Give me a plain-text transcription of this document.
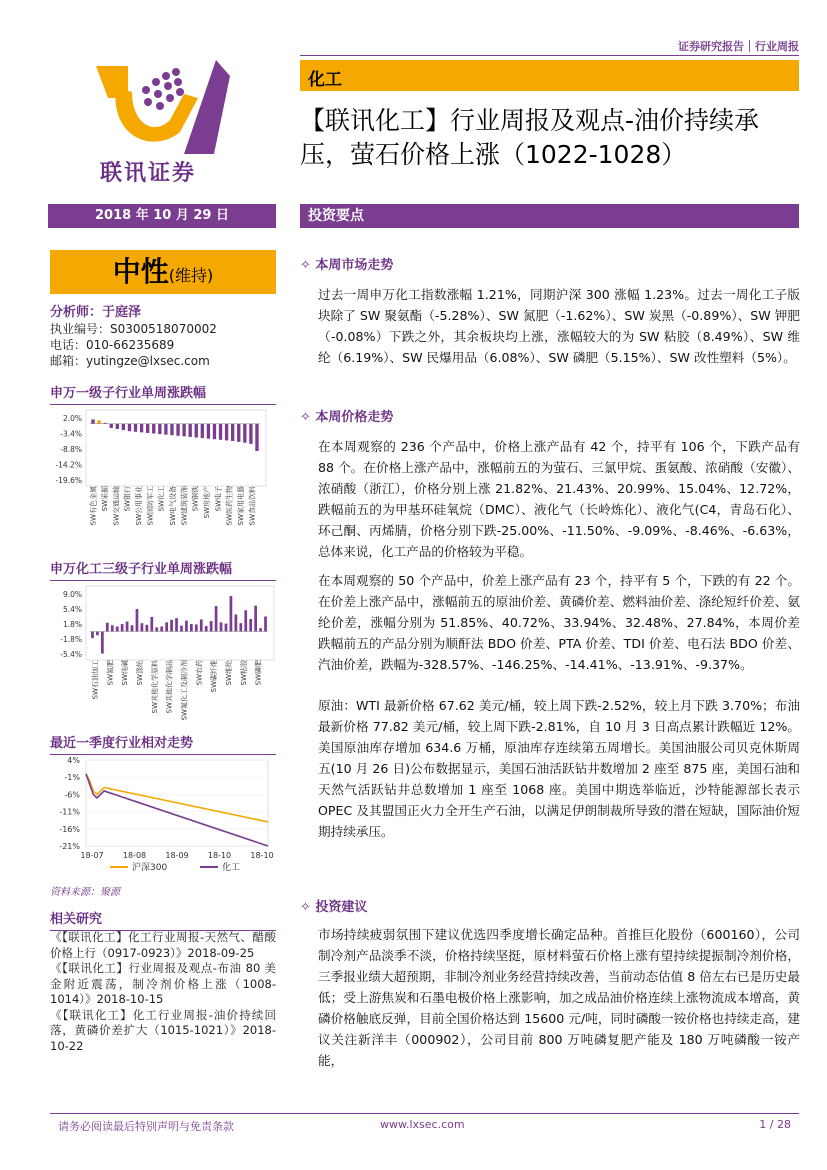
证券研究报告｜行业周报
联讯证券
化工
【联讯化工】行业周报及观点-油价持续承压，萤石价格上涨（1022-1028）
2018 年 10 月 29 日	投资要点
中性(维持)
分析师：于庭泽
执业编号：S0300518070002
电话：010-66235689
邮箱：yutingze@lxsec.com
申万一级子行业单周涨跌幅
2.0%
-3.4%
-8.8%
-14.2%
-19.6%
SW有色金属 SW采掘 SW交通运输 SW银行 SW公用事业 SW国防军工 SW化工 SW电气设备 SW建筑装饰 SW钢铁 SW房地产 SW电子 SW医药生物 SW家用电器 SW食品饮料
申万化工三级子行业单周涨跌幅
9.0%
5.4%
1.8%
-1.8%
-5.4%
SW石油加工 SW氮肥 SW纯碱 SW涤纶 SW其他化学原料 SW其他化学制品 SW氟化工及制冷剂 SW农药 SW碳纤维 SW维纶 SW粘胶 SW磷肥
最近一季度行业相对走势
4%
-1%
-6%
-11%
-16%
-21%
18-07 18-08 18-09 18-10 18-10
沪深300	化工
资料来源：聚源
相关研究

《【联讯化工】化工行业周报-天然气、醋酸价格上行（0917-0923）》2018-09-25

《【联讯化工】行业周报及观点-布油 80 美金附近震荡，制冷剂价格上涨（1008-1014）》2018-10-15

《【联讯化工】化工行业周报-油价持续回落，黄磷价差扩大（1015-1021）》2018-10-22

✧ 本周市场走势

过去一周申万化工指数涨幅 1.21%，同期沪深 300 涨幅 1.23%。过去一周化工子版块除了 SW 聚氨酯（-5.28%）、SW 氮肥（-1.62%）、SW 炭黑（-0.89%）、SW 钾肥（-0.08%）下跌之外，其余板块均上涨，涨幅较大的为 SW 粘胶（8.49%）、SW 维纶（6.19%）、SW 民爆用品（6.08%）、SW 磷肥（5.15%）、SW 改性塑料（5%）。

✧ 本周价格走势

在本周观察的 236 个产品中，价格上涨产品有 42 个，持平有 106 个，下跌产品有 88 个。在价格上涨产品中，涨幅前五的为萤石、三氯甲烷、蛋氨酸、浓硝酸（安徽）、浓硝酸（浙江），价格分别上涨 21.82%、21.43%、20.99%、15.04%、12.72%，跌幅前五的为甲基环硅氧烷（DMC）、液化气（长岭炼化）、液化气(C4，青岛石化）、环己酮、丙烯腈，价格分别下跌-25.00%、-11.50%、-9.09%、-8.46%、-6.63%，总体来说，化工产品的价格较为平稳。

在本周观察的 50 个产品中，价差上涨产品有 23 个，持平有 5 个，下跌的有 22 个。在价差上涨产品中，涨幅前五的原油价差、黄磷价差、燃料油价差、涤纶短纤价差、氨纶价差，涨幅分别为 51.85%、40.72%、33.94%、32.48%、27.84%，本周价差跌幅前五的产品分别为顺酐法 BDO 价差、PTA 价差、TDI 价差、电石法 BDO 价差、汽油价差，跌幅为-328.57%、-146.25%、-14.41%、-13.91%、-9.37%。

原油：WTI 最新价格 67.62 美元/桶，较上周下跌-2.52%，较上月下跌 3.70%；布油最新价格 77.82 美元/桶，较上周下跌-2.81%，自 10 月 3 日高点累计跌幅近 12%。美国原油库存增加 634.6 万桶，原油库存连续第五周增长。美国油服公司贝克休斯周五(10 月 26 日)公布数据显示，美国石油活跃钻井数增加 2 座至 875 座，美国石油和天然气活跃钻井总数增加 1 座至 1068 座。美国中期选举临近，沙特能源部长表示 OPEC 及其盟国正火力全开生产石油，以满足伊朗制裁所导致的潜在短缺，国际油价短期持续承压。

✧ 投资建议

市场持续疲弱氛围下建议优选四季度增长确定品种。首推巨化股份（600160），公司制冷剂产品淡季不淡，价格持续坚挺，原材料萤石价格上涨有望持续提振制冷剂价格，三季报业绩大超预期，非制冷剂业务经营持续改善，当前动态估值 8 倍左右已是历史最低；受上游焦炭和石墨电极价格上涨影响，加之成品油价格连续上涨物流成本增高，黄磷价格触底反弹，目前全国价格达到 15600 元/吨，同时磷酸一铵价格也持续走高，建议关注新洋丰（000902），公司目前 800 万吨磷复肥产能及 180 万吨磷酸一铵产能，

请务必阅读最后特别声明与免责条款	www.lxsec.com	1 / 28
